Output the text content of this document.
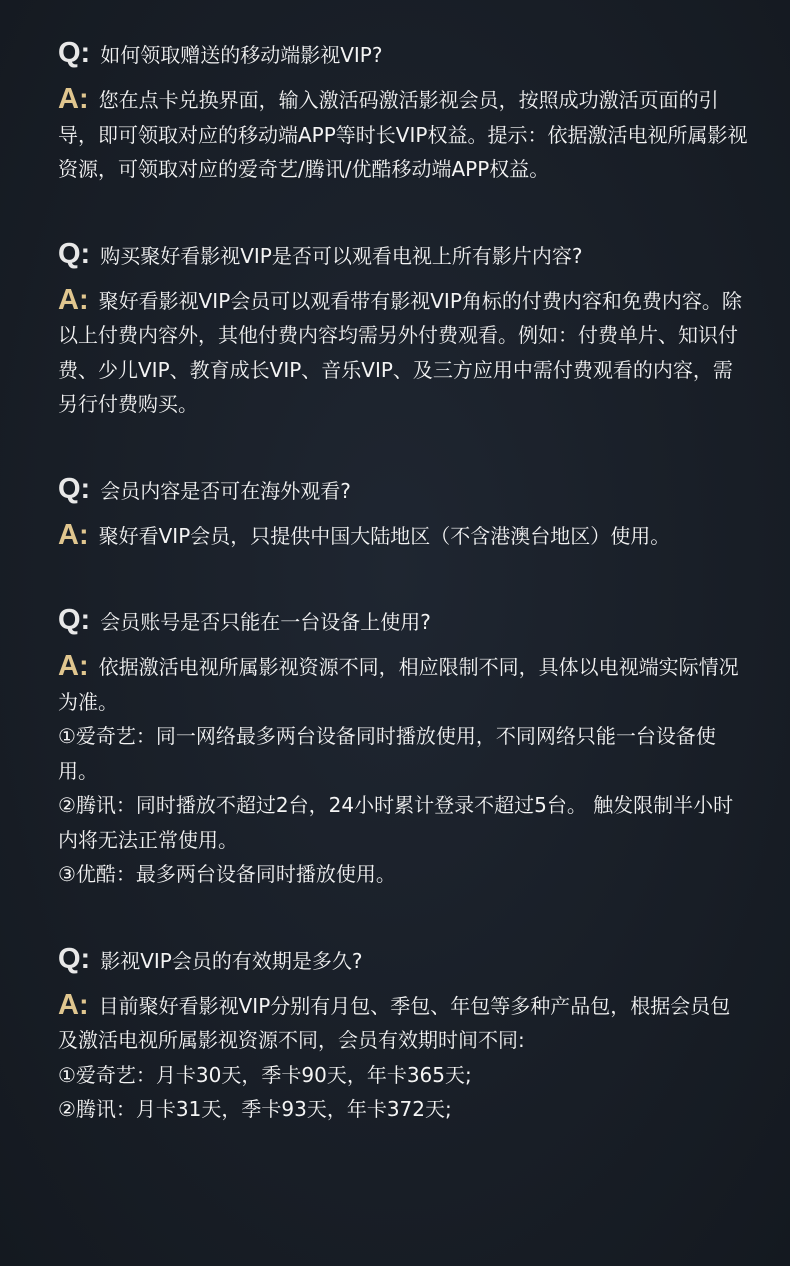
Q: 如何领取赠送的移动端影视VIP?
A: 您在点卡兑换界面，输入激活码激活影视会员，按照成功激活页面的引导，即可领取对应的移动端APP等时长VIP权益。提示：依据激活电视所属影视资源，可领取对应的爱奇艺/腾讯/优酷移动端APP权益。
Q: 购买聚好看影视VIP是否可以观看电视上所有影片内容?
A: 聚好看影视VIP会员可以观看带有影视VIP角标的付费内容和免费内容。除以上付费内容外，其他付费内容均需另外付费观看。例如：付费单片、知识付费、少儿VIP、教育成长VIP、音乐VIP、及三方应用中需付费观看的内容，需另行付费购买。
Q: 会员内容是否可在海外观看?
A: 聚好看VIP会员，只提供中国大陆地区（不含港澳台地区）使用。
Q: 会员账号是否只能在一台设备上使用?
A: 依据激活电视所属影视资源不同，相应限制不同，具体以电视端实际情况为准。
①爱奇艺：同一网络最多两台设备同时播放使用，不同网络只能一台设备使用。
②腾讯：同时播放不超过2台，24小时累计登录不超过5台。 触发限制半小时内将无法正常使用。
③优酷：最多两台设备同时播放使用。
Q: 影视VIP会员的有效期是多久?
A: 目前聚好看影视VIP分别有月包、季包、年包等多种产品包，根据会员包及激活电视所属影视资源不同，会员有效期时间不同:
①爱奇艺：月卡30天，季卡90天，年卡365天;
②腾讯：月卡31天，季卡93天，年卡372天;
